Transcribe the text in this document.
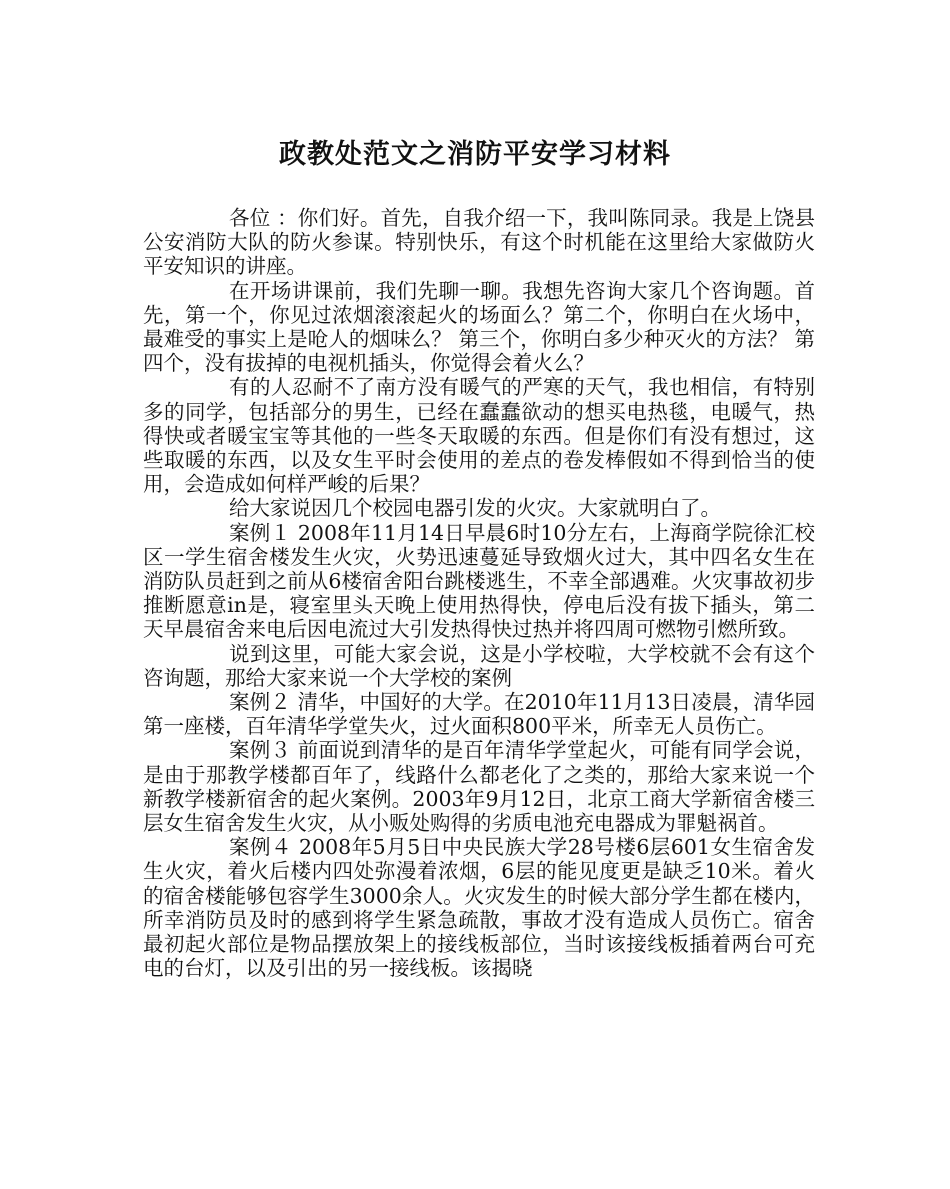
政教处范文之消防平安学习材料

各位 ：你们好。首先，自我介绍一下，我叫陈同录。我是上饶县公安消防大队的防火参谋。特别快乐，有这个时机能在这里给大家做防火平安知识的讲座。

在开场讲课前，我们先聊一聊。我想先咨询大家几个咨询题。首先，第一个，你见过浓烟滚滚起火的场面么？第二个，你明白在火场中，最难受的事实上是呛人的烟味么？ 第三个，你明白多少种灭火的方法？ 第四个，没有拔掉的电视机插头，你觉得会着火么？

有的人忍耐不了南方没有暖气的严寒的天气，我也相信，有特别多的同学，包括部分的男生，已经在蠢蠢欲动的想买电热毯，电暖气，热得快或者暖宝宝等其他的一些冬天取暖的东西。但是你们有没有想过，这些取暖的东西，以及女生平时会使用的差点的卷发棒假如不得到恰当的使用，会造成如何样严峻的后果？

给大家说因几个校园电器引发的火灾。大家就明白了。

案例１ 2008年11月14日早晨6时10分左右，上海商学院徐汇校区一学生宿舍楼发生火灾，火势迅速蔓延导致烟火过大，其中四名女生在消防队员赶到之前从6楼宿舍阳台跳楼逃生，不幸全部遇难。火灾事故初步推断愿意in是，寝室里头天晚上使用热得快，停电后没有拔下插头，第二天早晨宿舍来电后因电流过大引发热得快过热并将四周可燃物引燃所致。

说到这里，可能大家会说，这是小学校啦，大学校就不会有这个咨询题，那给大家来说一个大学校的案例

案例２ 清华，中国好的大学。在2010年11月13日凌晨，清华园第一座楼，百年清华学堂失火，过火面积800平米，所幸无人员伤亡。

案例３ 前面说到清华的是百年清华学堂起火，可能有同学会说，是由于那教学楼都百年了，线路什么都老化了之类的，那给大家来说一个新教学楼新宿舍的起火案例。2003年9月12日，北京工商大学新宿舍楼三层女生宿舍发生火灾，从小贩处购得的劣质电池充电器成为罪魁祸首。

案例４ 2008年5月5日中央民族大学28号楼6层601女生宿舍发生火灾，着火后楼内四处弥漫着浓烟，6层的能见度更是缺乏10米。着火的宿舍楼能够包容学生3000余人。火灾发生的时候大部分学生都在楼内，所幸消防员及时的感到将学生紧急疏散，事故才没有造成人员伤亡。宿舍最初起火部位是物品摆放架上的接线板部位，当时该接线板插着两台可充电的台灯，以及引出的另一接线板。该揭晓
